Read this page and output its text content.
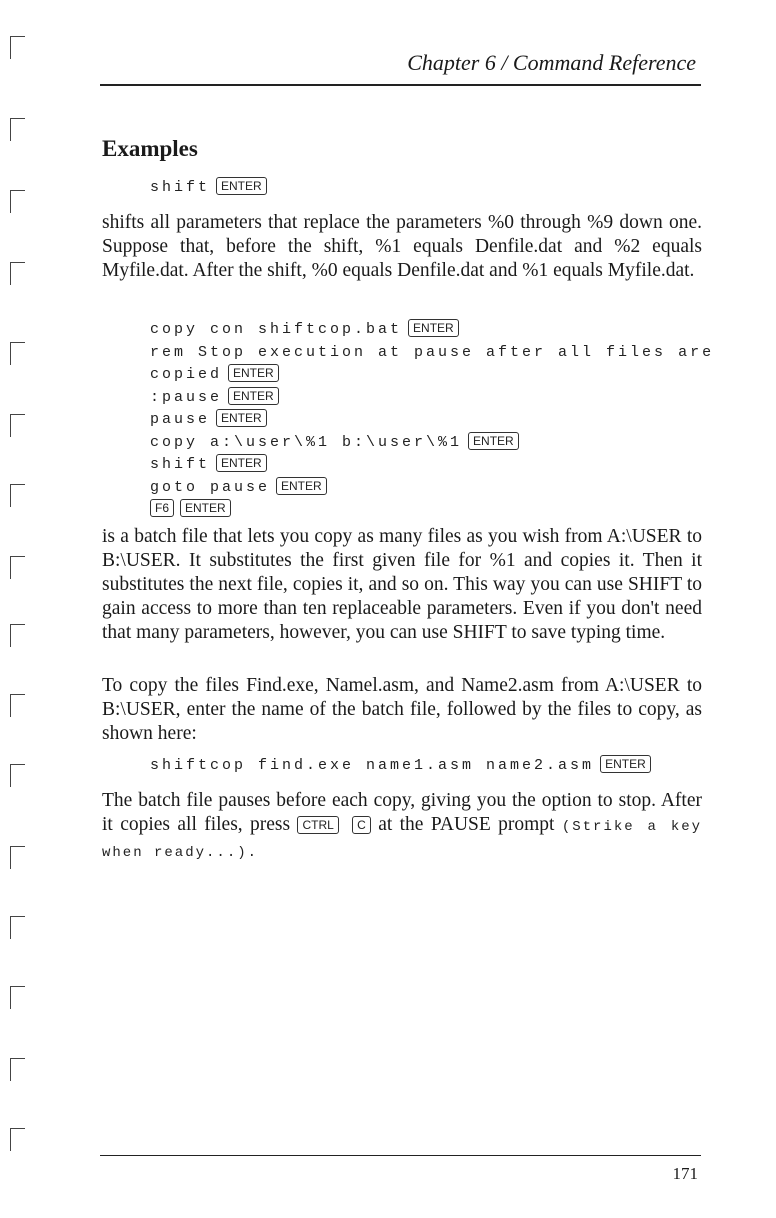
Chapter 6 / Command Reference
Examples
shift ENTER
shifts all parameters that replace the parameters %0 through %9 down one. Suppose that, before the shift, %1 equals Denfile.dat and %2 equals Myfile.dat. After the shift, %0 equals Denfile.dat and %1 equals Myfile.dat.
copy con shiftcop.bat ENTER
rem Stop execution at pause after all files are
copied ENTER
:pause ENTER
pause ENTER
copy a:\user\%1 b:\user\%1 ENTER
shift ENTER
goto pause ENTER
F6 ENTER
is a batch file that lets you copy as many files as you wish from A:\USER to B:\USER. It substitutes the first given file for %1 and copies it. Then it substitutes the next file, copies it, and so on. This way you can use SHIFT to gain access to more than ten replaceable parameters. Even if you don't need that many parameters, however, you can use SHIFT to save typing time.
To copy the files Find.exe, Namel.asm, and Name2.asm from A:\USER to B:\USER, enter the name of the batch file, followed by the files to copy, as shown here:
shiftcop find.exe name1.asm name2.asm ENTER
The batch file pauses before each copy, giving you the option to stop. After it copies all files, press CTRL C at the PAUSE prompt (Strike a key when ready...).
171
